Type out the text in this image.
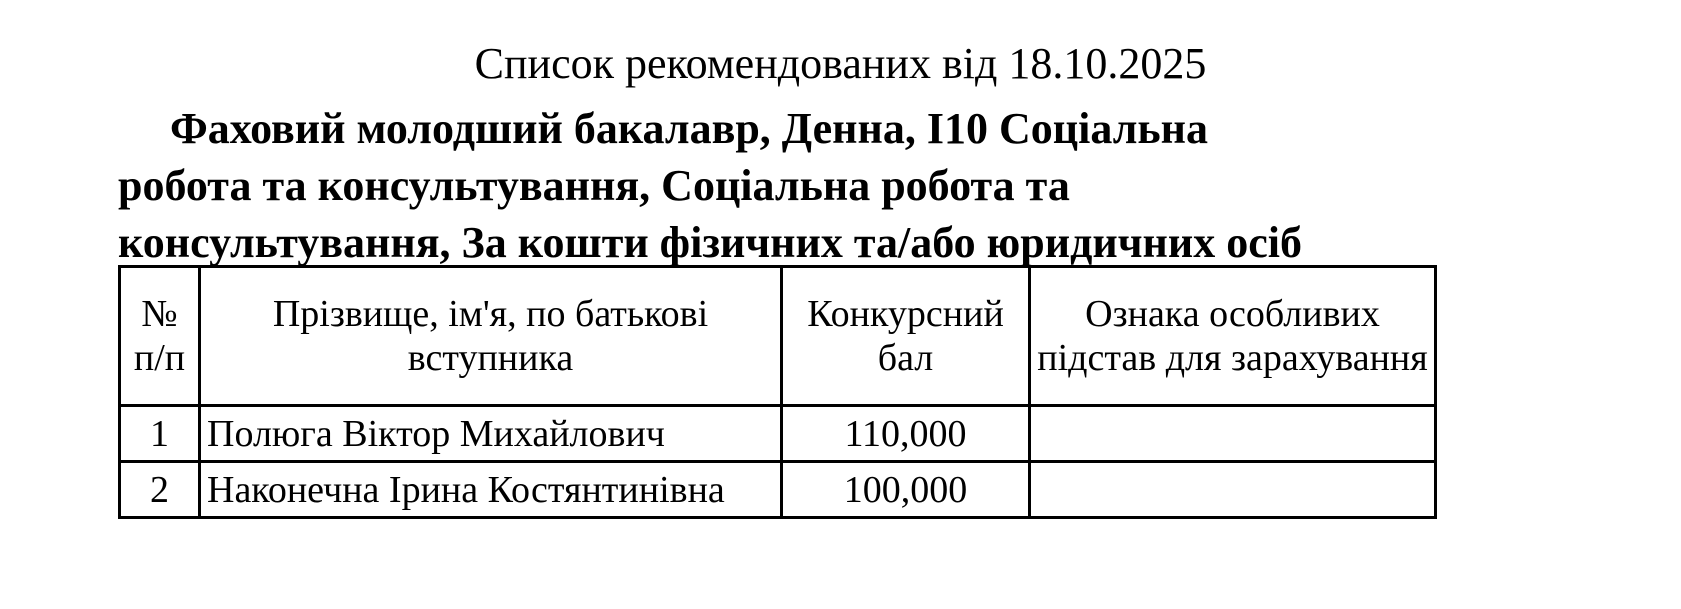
Список рекомендованих від 18.10.2025
Фаховий молодший бакалавр, Денна, І10 Соціальна
робота та консультування, Соціальна робота та
консультування, За кошти фізичних та/або юридичних осіб
№ п/п	Прізвище, ім'я, по батькові вступника	Конкурсний бал	Ознака особливих підстав для зарахування
1	Полюга Віктор Михайлович	110,000	
2	Наконечна Ірина Костянтинівна	100,000	
